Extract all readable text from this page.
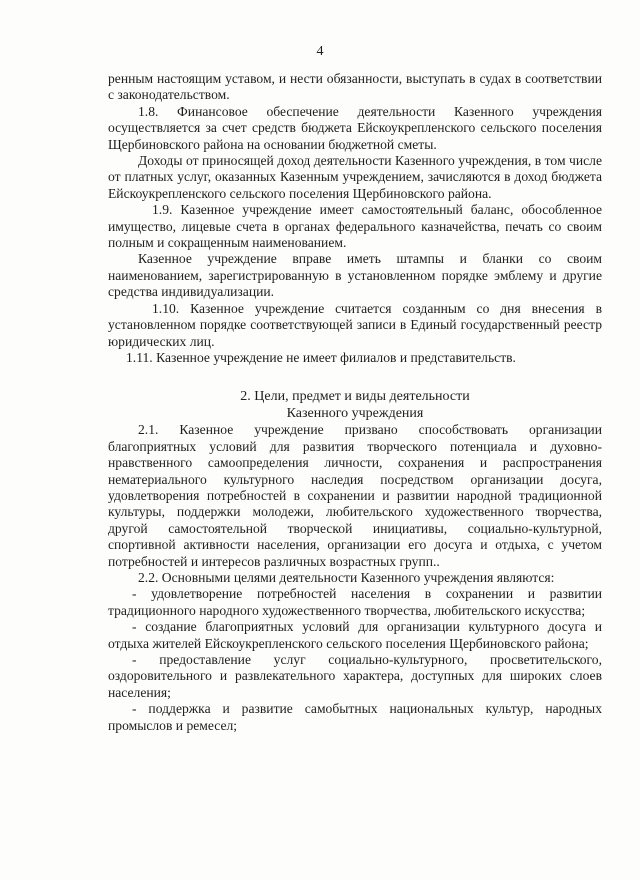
4

ренным настоящим уставом, и нести обязанности, выступать в судах в соответствии с законодательством.

1.8. Финансовое обеспечение деятельности Казенного учреждения осуществляется за счет средств бюджета Ейскоукрепленского сельского поселения Щербиновского района на основании бюджетной сметы.

Доходы от приносящей доход деятельности Казенного учреждения, в том числе от платных услуг, оказанных Казенным учреждением, зачисляются в доход бюджета Ейскоукрепленского сельского поселения Щербиновского района.

1.9. Казенное учреждение имеет самостоятельный баланс, обособленное имущество, лицевые счета в органах федерального казначейства, печать со своим полным и сокращенным наименованием.

Казенное учреждение вправе иметь штампы и бланки со своим наименованием, зарегистрированную в установленном порядке эмблему и другие средства индивидуализации.

1.10. Казенное учреждение считается созданным со дня внесения в установленном порядке соответствующей записи в Единый государственный реестр юридических лиц.

1.11. Казенное учреждение не имеет филиалов и представительств.

2. Цели, предмет и виды деятельности

Казенного учреждения

2.1. Казенное учреждение призвано способствовать организации благоприятных условий для развития творческого потенциала и духовно-нравственного самоопределения личности, сохранения и распространения нематериального культурного наследия посредством организации досуга, удовлетворения потребностей в сохранении и развитии народной традиционной культуры, поддержки молодежи, любительского художественного творчества, другой самостоятельной творческой инициативы, социально-культурной, спортивной активности населения, организации его досуга и отдыха, с учетом потребностей и интересов различных возрастных групп..

2.2. Основными целями деятельности Казенного учреждения являются:

- удовлетворение потребностей населения в сохранении и развитии традиционного народного художественного творчества, любительского искусства;

- создание благоприятных условий для организации культурного досуга и отдыха жителей Ейскоукрепленского сельского поселения Щербиновского района;

- предоставление услуг социально-культурного, просветительского, оздоровительного и развлекательного характера, доступных для широких слоев населения;

- поддержка и развитие самобытных национальных культур, народных промыслов и ремесел;
